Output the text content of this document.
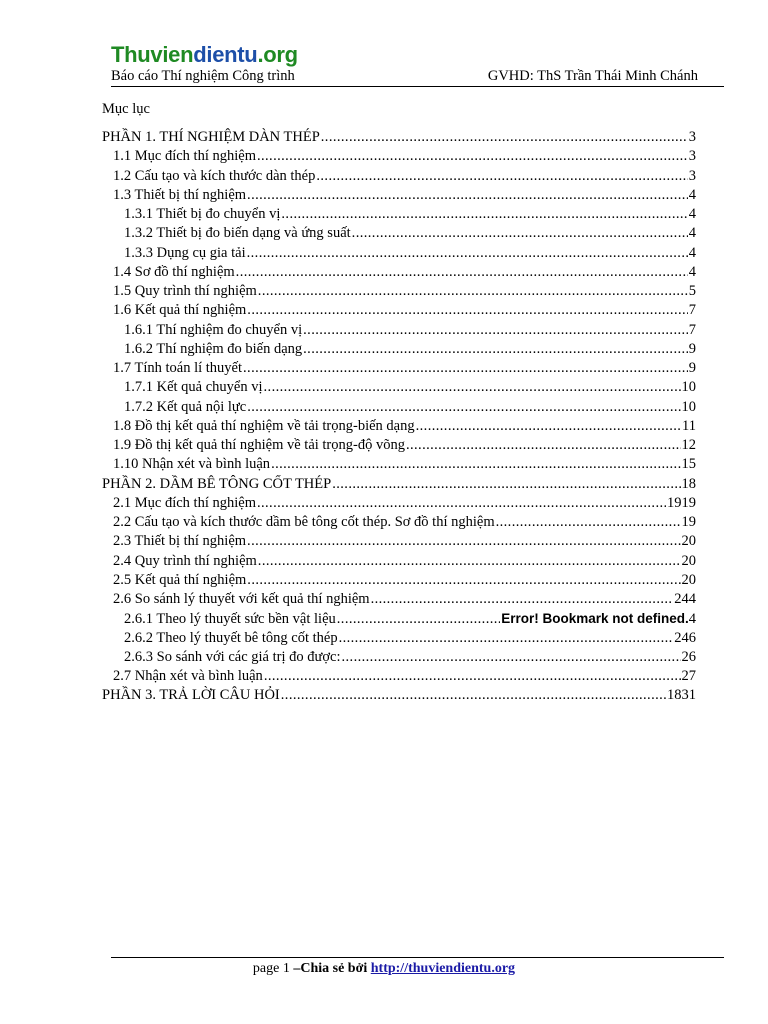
Thuviendientu.org
Báo cáo Thí nghiệm Công trình	GVHD: ThS Trần Thái Minh Chánh
Mục lục
PHẦN 1. THÍ NGHIỆM DÀN THÉP .....	3
1.1 Mục đích thí nghiệm .....	3
1.2 Cấu tạo và kích thước dàn thép .....	3
1.3 Thiết bị thí nghiệm .....	4
1.3.1 Thiết bị đo chuyển vị .....	4
1.3.2 Thiết bị đo biến dạng và ứng suất .....	4
1.3.3 Dụng cụ gia tải .....	4
1.4 Sơ đồ thí nghiệm .....	4
1.5 Quy trình thí nghiệm .....	5
1.6 Kết quả thí nghiệm .....	7
1.6.1 Thí nghiệm đo chuyển vị .....	7
1.6.2 Thí nghiệm đo biến dạng .....	9
1.7 Tính toán lí thuyết .....	9
1.7.1 Kết quả chuyển vị .....	10
1.7.2 Kết quả nội lực .....	10
1.8 Đồ thị kết quả thí nghiệm về tải trọng-biến dạng .....	11
1.9 Đồ thị kết quả thí nghiệm về tải trọng-độ võng .....	12
1.10 Nhận xét và bình luận .....	15
PHẦN 2. DẦM BÊ TÔNG CỐT THÉP .....	18
2.1 Mục đích thí nghiệm .....	1919
2.2 Cấu tạo và kích thước dầm bê tông cốt thép. Sơ đồ thí nghiệm .....	19
2.3 Thiết bị thí nghiệm .....	20
2.4 Quy trình thí nghiệm .....	20
2.5 Kết quả thí nghiệm .....	20
2.6 So sánh lý thuyết với kết quả thí nghiệm .....	244
2.6.1 Theo lý thuyết sức bền vật liệu .....	Error! Bookmark not defined.4
2.6.2 Theo lý thuyết bê tông cốt thép .....	246
2.6.3 So sánh với các giá trị đo được: .....	26
2.7 Nhận xét và bình luận .....	27
PHẦN 3. TRẢ LỜI CÂU HỎI .....	1831
page 1 –Chia sẻ bởi http://thuviendientu.org
